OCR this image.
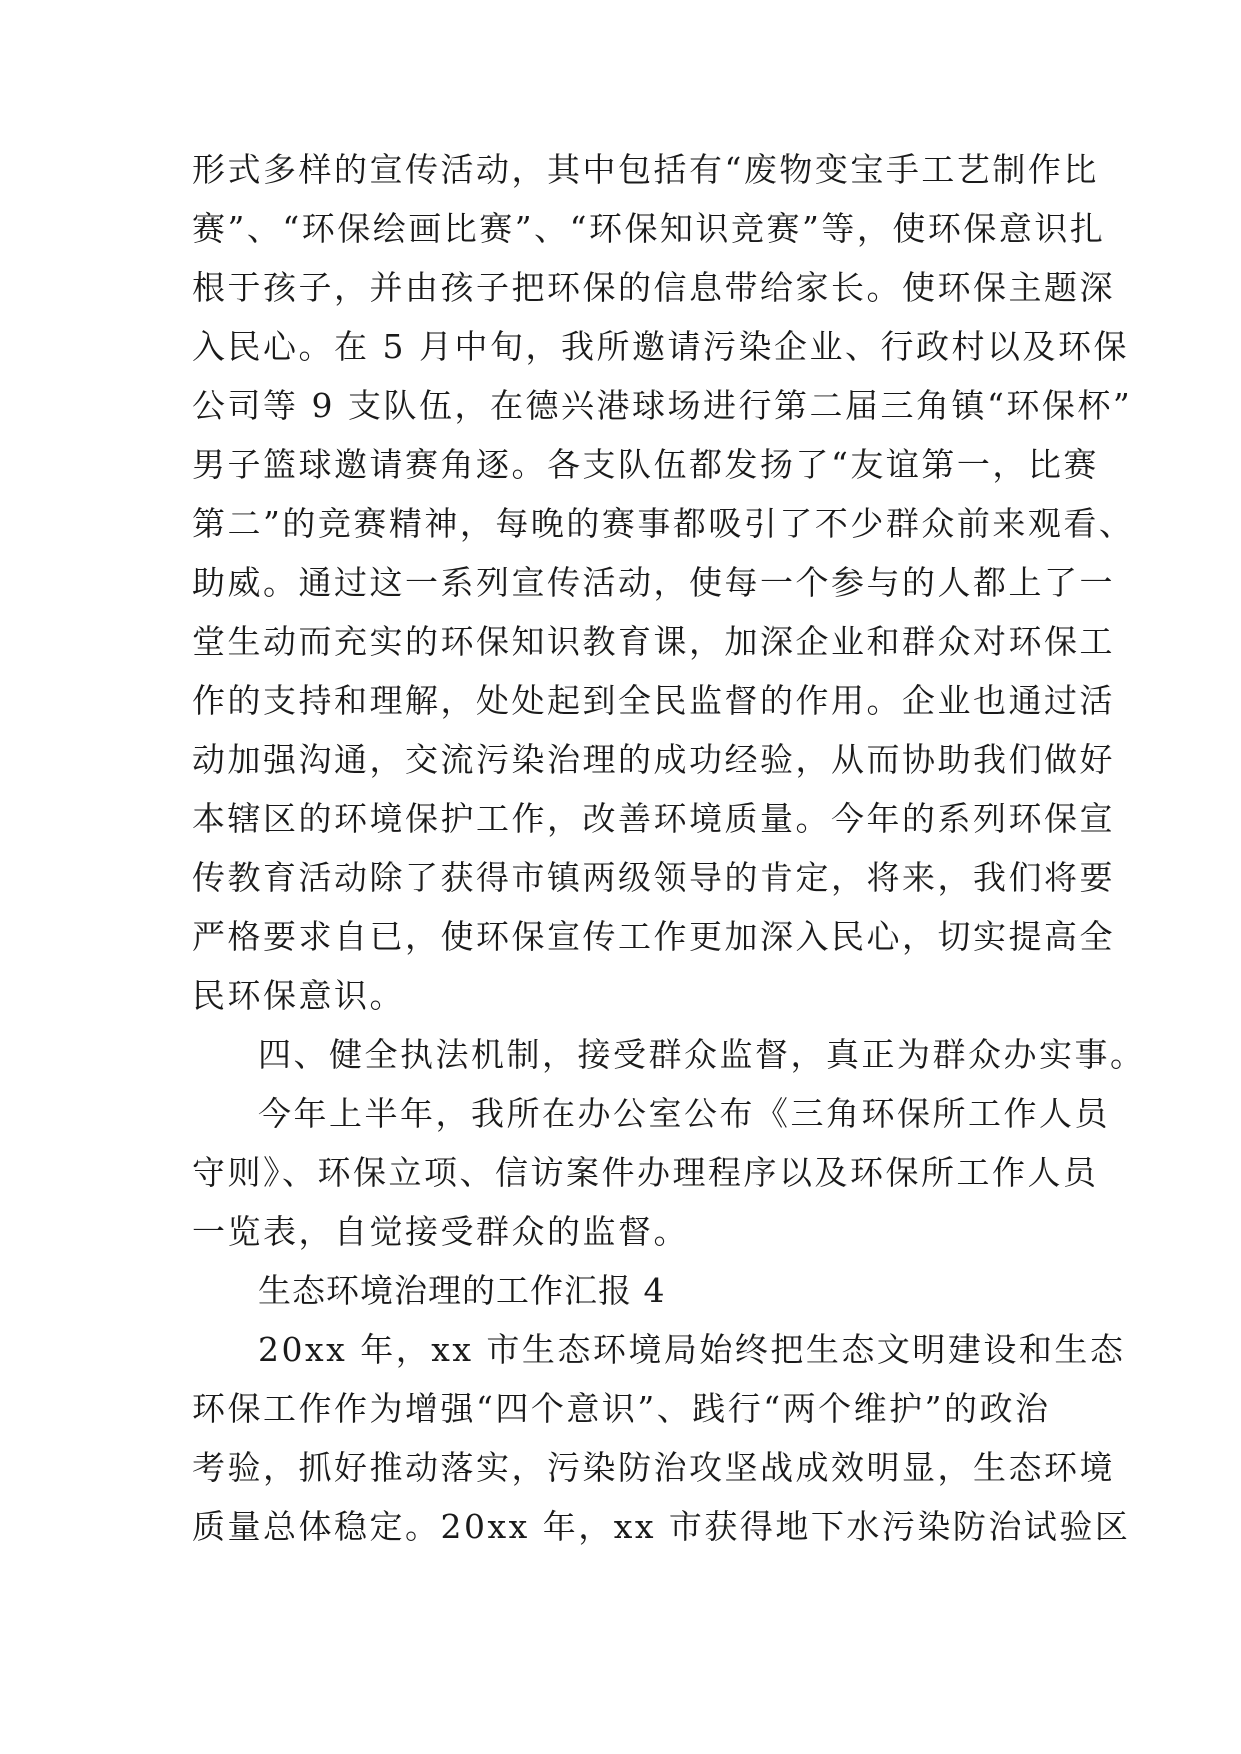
形式多样的宣传活动，其中包括有“废物变宝手工艺制作比
赛”、“环保绘画比赛”、“环保知识竞赛”等，使环保意识扎
根于孩子，并由孩子把环保的信息带给家长。使环保主题深
入民心。在 5 月中旬，我所邀请污染企业、行政村以及环保
公司等 9 支队伍，在德兴港球场进行第二届三角镇“环保杯”
男子篮球邀请赛角逐。各支队伍都发扬了“友谊第一，比赛
第二”的竞赛精神，每晚的赛事都吸引了不少群众前来观看、
助威。通过这一系列宣传活动，使每一个参与的人都上了一
堂生动而充实的环保知识教育课，加深企业和群众对环保工
作的支持和理解，处处起到全民监督的作用。企业也通过活
动加强沟通，交流污染治理的成功经验，从而协助我们做好
本辖区的环境保护工作，改善环境质量。今年的系列环保宣
传教育活动除了获得市镇两级领导的肯定，将来，我们将要
严格要求自已，使环保宣传工作更加深入民心，切实提高全
民环保意识。
四、健全执法机制，接受群众监督，真正为群众办实事。
今年上半年，我所在办公室公布《三角环保所工作人员
守则》、环保立项、信访案件办理程序以及环保所工作人员
一览表，自觉接受群众的监督。
生态环境治理的工作汇报 4
20xx 年，xx 市生态环境局始终把生态文明建设和生态
环保工作作为增强“四个意识”、践行“两个维护”的政治
考验，抓好推动落实，污染防治攻坚战成效明显，生态环境
质量总体稳定。20xx 年，xx 市获得地下水污染防治试验区
